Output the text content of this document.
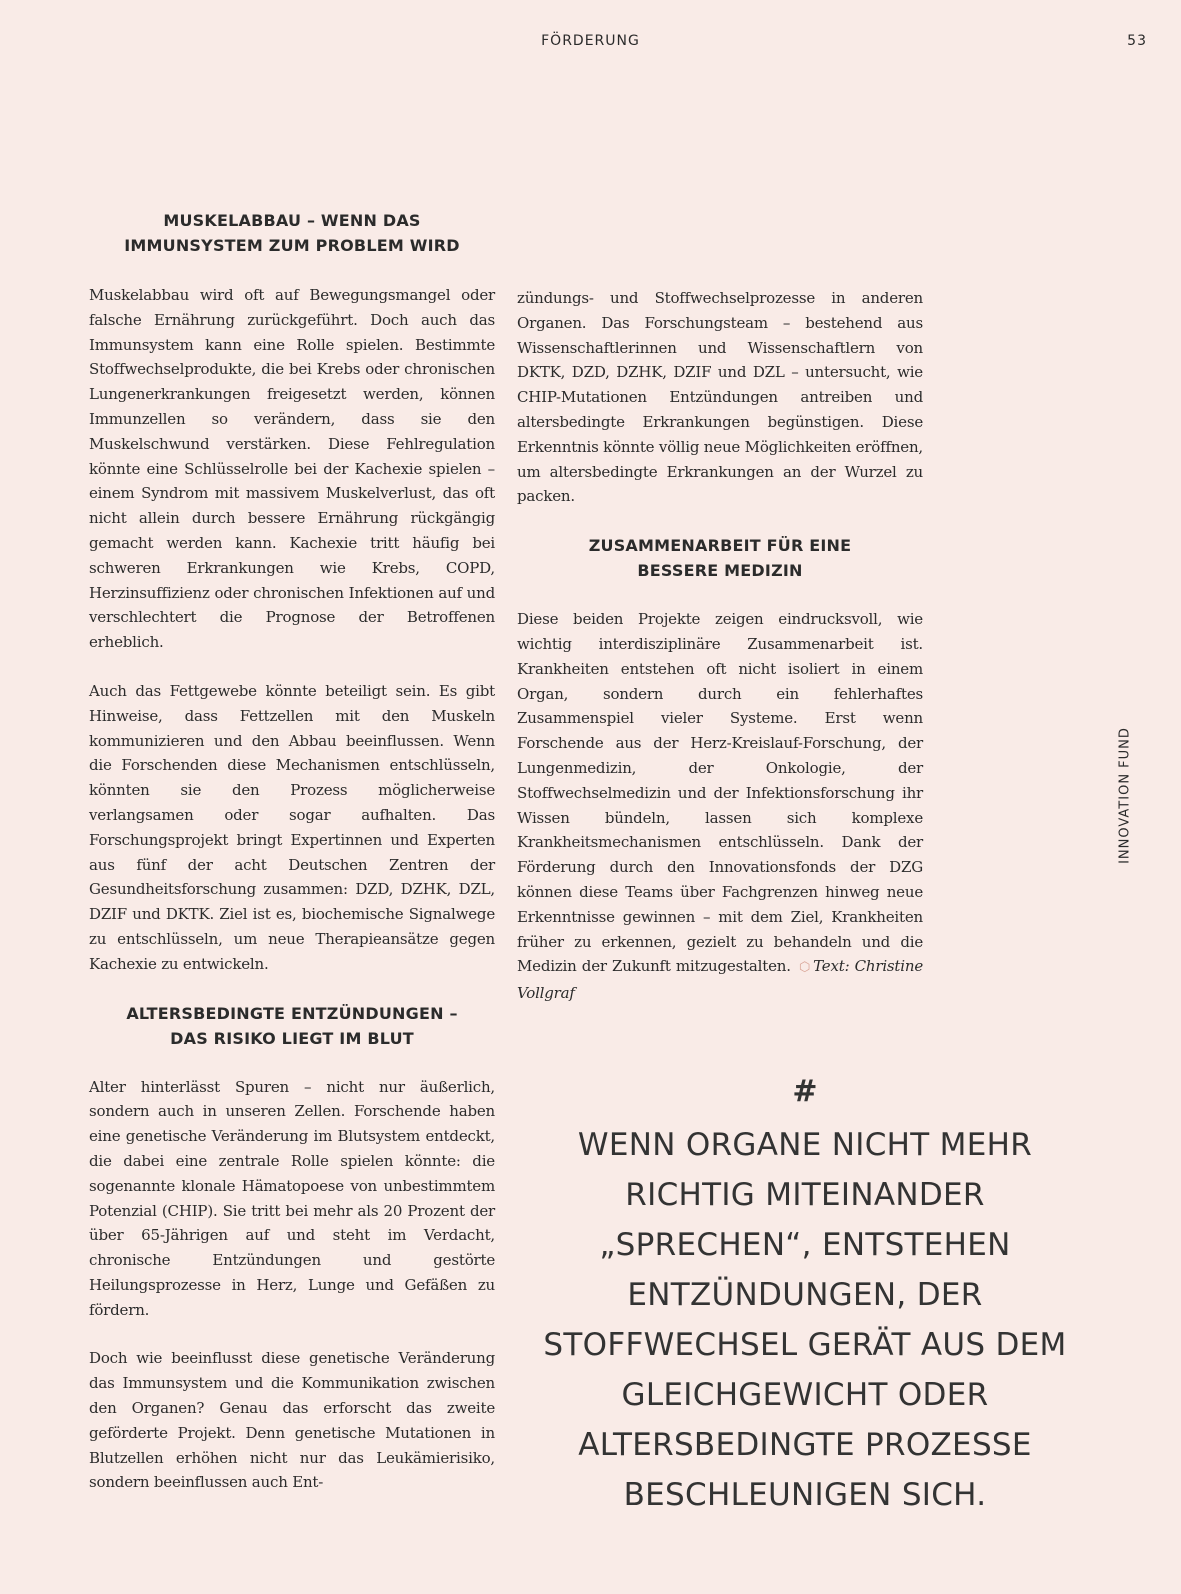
FÖRDERUNG	53
INNOVATION FUND
MUSKELABBAU – WENN DAS
IMMUNSYSTEM ZUM PROBLEM WIRD

Muskelabbau wird oft auf Bewegungsmangel oder falsche Ernährung zurückgeführt. Doch auch das Immunsystem kann eine Rolle spielen. Bestimmte Stoffwechselprodukte, die bei Krebs oder chronischen Lungenerkrankungen freigesetzt werden, können Immunzellen so verändern, dass sie den Muskelschwund verstärken. Diese Fehlregulation könnte eine Schlüsselrolle bei der Kachexie spielen – einem Syndrom mit massivem Muskelverlust, das oft nicht allein durch bessere Ernährung rückgängig gemacht werden kann. Kachexie tritt häufig bei schweren Erkrankungen wie Krebs, COPD, Herzinsuffizienz oder chronischen Infektionen auf und verschlechtert die Prognose der Betroffenen erheblich.

Auch das Fettgewebe könnte beteiligt sein. Es gibt Hinweise, dass Fettzellen mit den Muskeln kommunizieren und den Abbau beeinflussen. Wenn die Forschenden diese Mechanismen entschlüsseln, könnten sie den Prozess möglicherweise verlangsamen oder sogar aufhalten. Das Forschungsprojekt bringt Expertinnen und Experten aus fünf der acht Deutschen Zentren der Gesundheitsforschung zusammen: DZD, DZHK, DZL, DZIF und DKTK. Ziel ist es, biochemische Signalwege zu entschlüsseln, um neue Therapieansätze gegen Kachexie zu entwickeln.

ALTERSBEDINGTE ENTZÜNDUNGEN –
DAS RISIKO LIEGT IM BLUT

Alter hinterlässt Spuren – nicht nur äußerlich, sondern auch in unseren Zellen. Forschende haben eine genetische Veränderung im Blutsystem entdeckt, die dabei eine zentrale Rolle spielen könnte: die sogenannte klonale Hämatopoese von unbestimmtem Potenzial (CHIP). Sie tritt bei mehr als 20 Prozent der über 65-Jährigen auf und steht im Verdacht, chronische Entzündungen und gestörte Heilungsprozesse in Herz, Lunge und Gefäßen zu fördern.

Doch wie beeinflusst diese genetische Veränderung das Immunsystem und die Kommunikation zwischen den Organen? Genau das erforscht das zweite geförderte Projekt. Denn genetische Mutationen in Blutzellen erhöhen nicht nur das Leukämierisiko, sondern beeinflussen auch Ent-

zündungs- und Stoffwechselprozesse in anderen Organen. Das Forschungsteam – bestehend aus Wissenschaftlerinnen und Wissenschaftlern von DKTK, DZD, DZHK, DZIF und DZL – untersucht, wie CHIP-Mutationen Entzündungen antreiben und altersbedingte Erkrankungen begünstigen. Diese Erkenntnis könnte völlig neue Möglichkeiten eröffnen, um altersbedingte Erkrankungen an der Wurzel zu packen.

ZUSAMMENARBEIT FÜR EINE
BESSERE MEDIZIN

Diese beiden Projekte zeigen eindrucksvoll, wie wichtig interdisziplinäre Zusammenarbeit ist. Krankheiten entstehen oft nicht isoliert in einem Organ, sondern durch ein fehlerhaftes Zusammenspiel vieler Systeme. Erst wenn Forschende aus der Herz-Kreislauf-Forschung, der Lungenmedizin, der Onkologie, der Stoffwechselmedizin und der Infektionsforschung ihr Wissen bündeln, lassen sich komplexe Krankheitsmechanismen entschlüsseln. Dank der Förderung durch den Innovationsfonds der DZG können diese Teams über Fachgrenzen hinweg neue Erkenntnisse gewinnen – mit dem Ziel, Krankheiten früher zu erkennen, gezielt zu behandeln und die Medizin der Zukunft mitzugestalten. ⬡ Text: Christine Vollgraf

#
WENN ORGANE NICHT MEHR RICHTIG MITEINANDER „SPRECHEN“, ENTSTEHEN ENTZÜNDUNGEN, DER STOFFWECHSEL GERÄT AUS DEM GLEICHGEWICHT ODER ALTERSBEDINGTE PROZESSE BESCHLEUNIGEN SICH.
